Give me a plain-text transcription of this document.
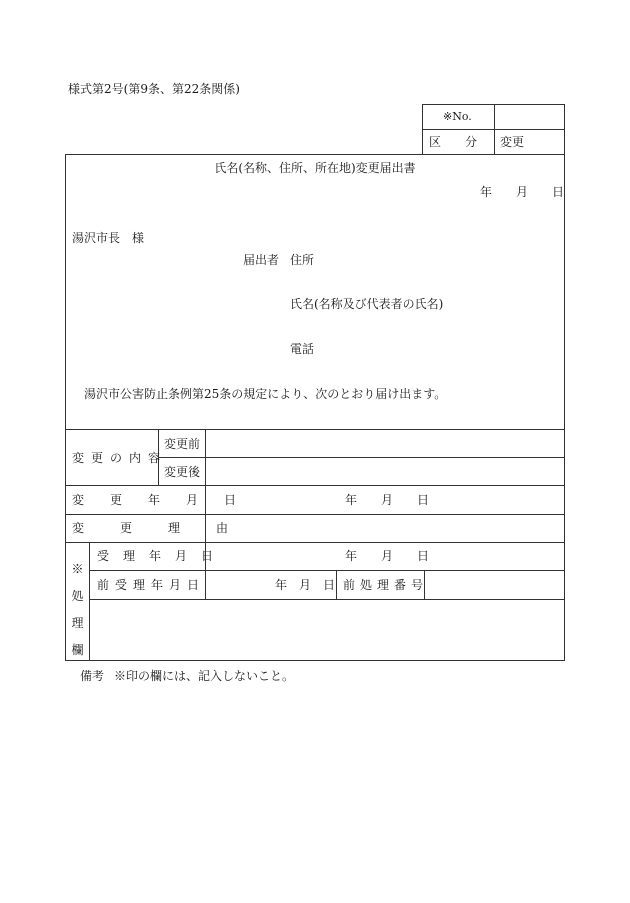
様式第2号(第9条、第22条関係)
※No.
区　　分 変更
氏名(名称、住所、所在地)変更届出書
年　　月　　日
湯沢市長　様
届出者 住所
氏名(名称及び代表者の氏名)
電話
湯沢市公害防止条例第25条の規定により、次のとおり届け出ます。
変更の内容
変更前
変更後
変更年月日	年　　月　　日
変更理由
※処理欄
受理年月日	年　　月　　日
前受理年月日	年　月　日 前処理番号
備考 ※印の欄には、記入しないこと。
